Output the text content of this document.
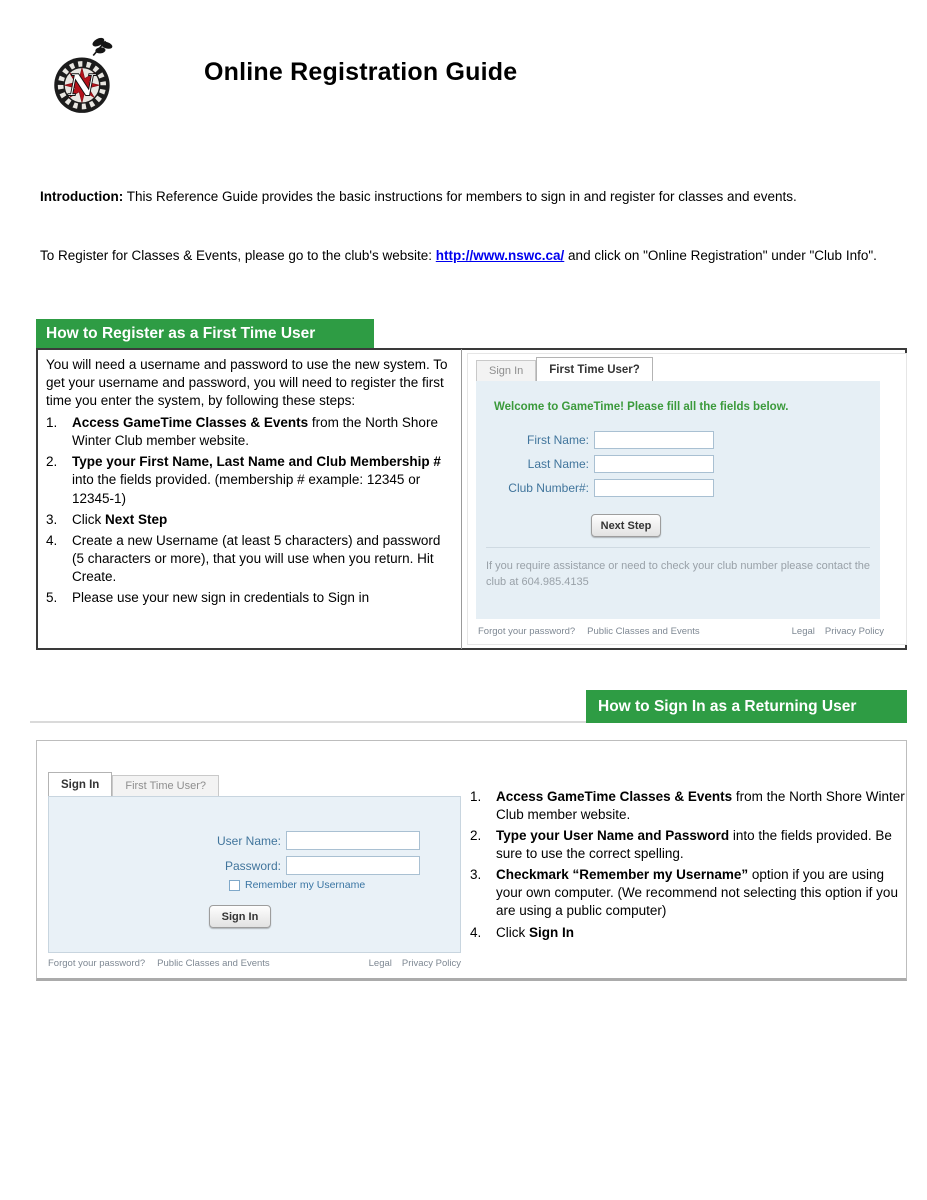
N	Online Registration Guide
Introduction: This Reference Guide provides the basic instructions for members to sign in and register for classes and events.
To Register for Classes & Events, please go to the club's website: http://www.nswc.ca/ and click on "Online Registration" under "Club Info".
How to Register as a First Time User

You will need a username and password to use the new system. To get your username and password, you will need to register the first time you enter the system, by following these steps:

1.	Access GameTime Classes & Events from the North Shore Winter Club member website.
2.	Type your First Name, Last Name and Club Membership # into the fields provided. (membership # example: 12345 or 12345-1)
3.	Click Next Step
4.	Create a new Username (at least 5 characters) and password (5 characters or more), that you will use when you return. Hit Create.
5.	Please use your new sign in credentials to Sign in
Sign In	First Time User?
Welcome to GameTime! Please fill all the fields below.
First Name:
Last Name:
Club Number#:
Next Step
If you require assistance or need to check your club number please contact the club at 604.985.4135
Forgot your password? Public Classes and Events	Legal Privacy Policy
How to Sign In as a Returning User
Sign In	First Time User?
User Name:
Password:
Remember my Username
Sign In
Forgot your password? Public Classes and Events	Legal Privacy Policy
1.	Access GameTime Classes & Events from the North Shore Winter Club member website.
2.	Type your User Name and Password into the fields provided. Be sure to use the correct spelling.
3.	Checkmark “Remember my Username” option if you are using your own computer. (We recommend not selecting this option if you are using a public computer)
4.	Click Sign In
